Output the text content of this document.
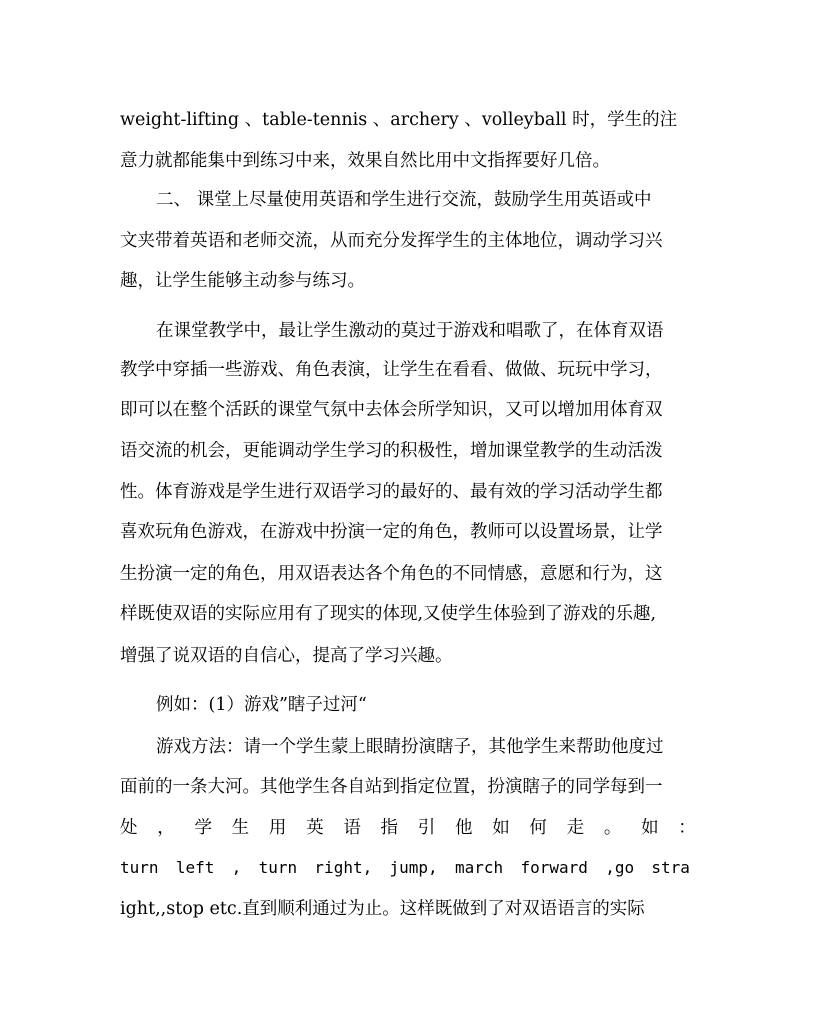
weight-lifting 、table-tennis 、archery 、volleyball 时，学生的注
意力就都能集中到练习中来，效果自然比用中文指挥要好几倍。
二、 课堂上尽量使用英语和学生进行交流，鼓励学生用英语或中
文夹带着英语和老师交流，从而充分发挥学生的主体地位，调动学习兴
趣，让学生能够主动参与练习。
在课堂教学中，最让学生激动的莫过于游戏和唱歌了，在体育双语
教学中穿插一些游戏、角色表演，让学生在看看、做做、玩玩中学习，
即可以在整个活跃的课堂气氛中去体会所学知识，又可以增加用体育双
语交流的机会，更能调动学生学习的积极性，增加课堂教学的生动活泼
性。体育游戏是学生进行双语学习的最好的、最有效的学习活动学生都
喜欢玩角色游戏，在游戏中扮演一定的角色，教师可以设置场景，让学
生扮演一定的角色，用双语表达各个角色的不同情感，意愿和行为，这
样既使双语的实际应用有了现实的体现,又使学生体验到了游戏的乐趣,
增强了说双语的自信心，提高了学习兴趣。
例如：(1）游戏”瞎子过河“
游戏方法：请一个学生蒙上眼睛扮演瞎子，其他学生来帮助他度过
面前的一条大河。其他学生各自站到指定位置，扮演瞎子的同学每到一
处 ， 学 生 用 英 语 指 引 他 如 何 走 。 如 ：
turn left , turn right, jump, march forward ,go stra
ight,,stop etc.直到顺利通过为止。这样既做到了对双语语言的实际
